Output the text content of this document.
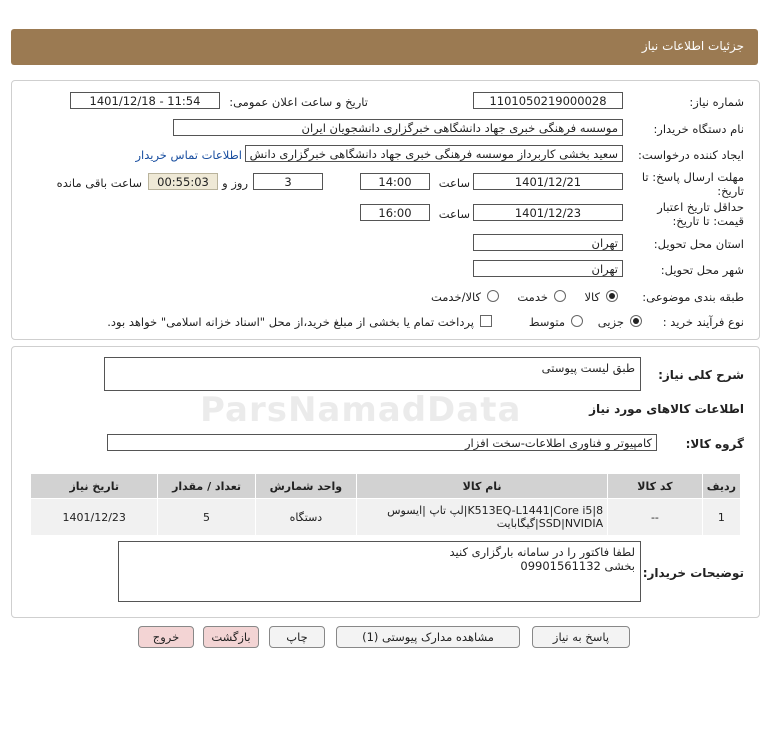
جزئیات اطلاعات نیاز
شماره نیاز:
1101050219000028
تاریخ و ساعت اعلان عمومی:
1401/12/18 - 11:54
نام دستگاه خریدار:
موسسه فرهنگی خبری جهاد دانشگاهی خبرگزاری دانشجویان ایران
ایجاد کننده درخواست:
سعید بخشی کاربرداز موسسه فرهنگی خبری جهاد دانشگاهی خبرگزاری دانش
اطلاعات تماس خریدار
مهلت ارسال پاسخ: تا
تاریخ:
1401/12/21
ساعت
14:00
3
روز و
00:55:03
ساعت باقی مانده
حداقل تاریخ اعتبار
قیمت: تا تاریخ:
1401/12/23
ساعت
16:00
استان محل تحویل:
تهران
شهر محل تحویل:
تهران
طبقه بندی موضوعی:
کالا
خدمت
کالا/خدمت
نوع فرآیند خرید :
جزیی
متوسط
پرداخت تمام یا بخشی از مبلغ خرید،از محل "اسناد خزانه اسلامی" خواهد بود.
شرح کلی نیاز:
طبق لیست پیوستی
اطلاعات کالاهای مورد نیاز
گروه کالا:
کامپیوتر و فناوری اطلاعات-سخت افزار
تاریخ نیاز	تعداد / مقدار	واحد شمارش	نام کالا	کد کالا	ردیف
1401/12/23	5	دستگاه	لپ تاپ |ایسوس|K513EQ-L1441|Core i5|8
گیگابایت|SSD|NVIDIA	--	1
توضیحات خریدار:
لطفا فاکتور را در سامانه بارگزاری کنید
بخشی 09901561132
ParsNamadData
پاسخ به نیاز
مشاهده مدارک پیوستی (1)
چاپ
بازگشت
خروج
